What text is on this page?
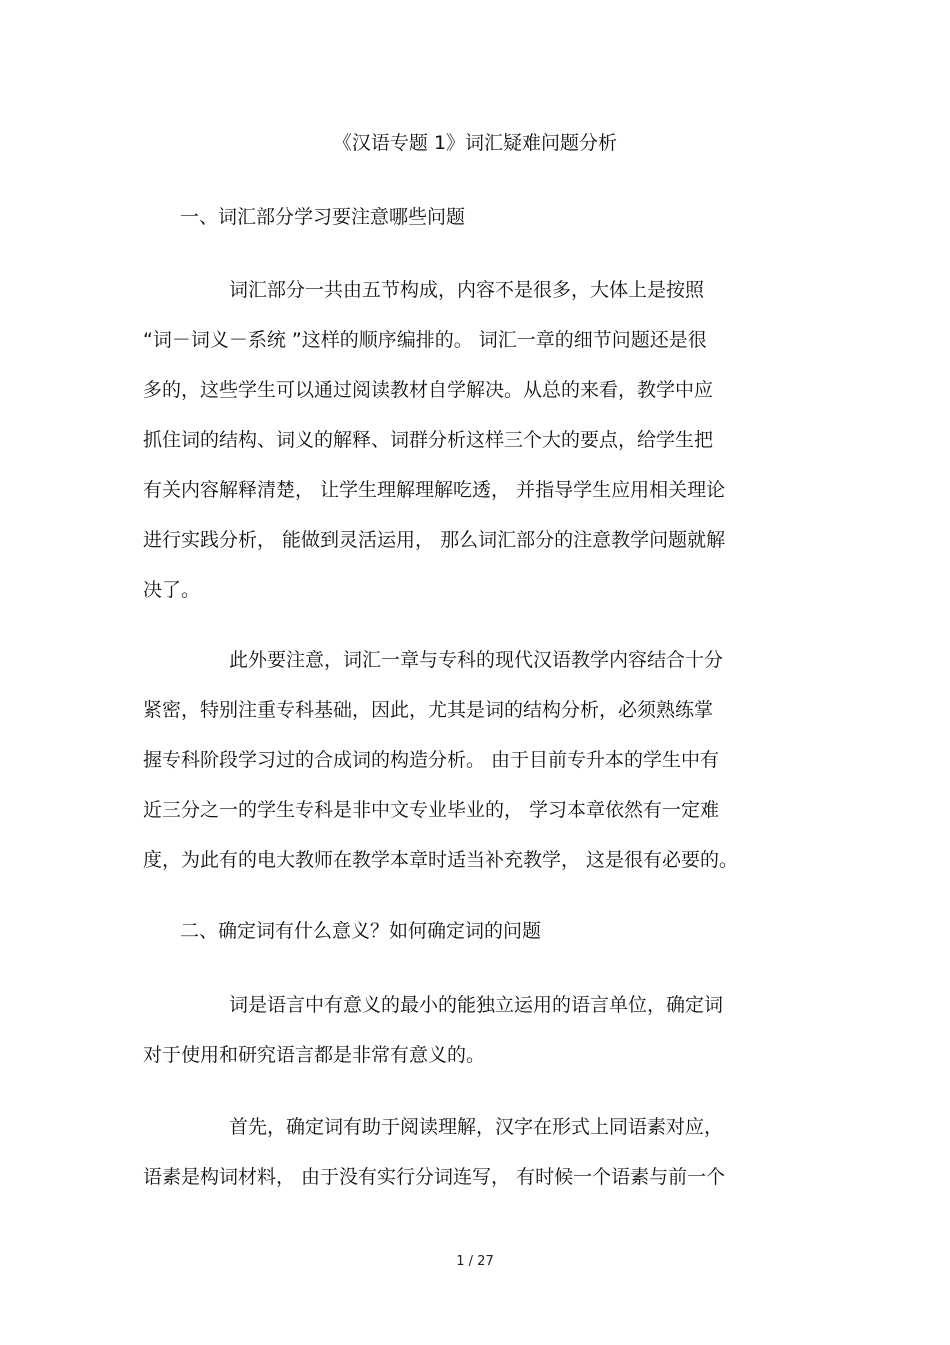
《汉语专题 1》词汇疑难问题分析
一、词汇部分学习要注意哪些问题
词汇部分一共由五节构成，内容不是很多，大体上是按照
“词－词义－系统 ”这样的顺序编排的。 词汇一章的细节问题还是很
多的，这些学生可以通过阅读教材自学解决。从总的来看，教学中应
抓住词的结构、词义的解释、词群分析这样三个大的要点，给学生把
有关内容解释清楚， 让学生理解理解吃透， 并指导学生应用相关理论
进行实践分析， 能做到灵活运用， 那么词汇部分的注意教学问题就解
决了。
此外要注意，词汇一章与专科的现代汉语教学内容结合十分
紧密，特别注重专科基础，因此，尤其是词的结构分析，必须熟练掌
握专科阶段学习过的合成词的构造分析。 由于目前专升本的学生中有
近三分之一的学生专科是非中文专业毕业的， 学习本章依然有一定难
度，为此有的电大教师在教学本章时适当补充教学， 这是很有必要的。
二、确定词有什么意义？如何确定词的问题
词是语言中有意义的最小的能独立运用的语言单位，确定词
对于使用和研究语言都是非常有意义的。
首先，确定词有助于阅读理解，汉字在形式上同语素对应，
语素是构词材料， 由于没有实行分词连写， 有时候一个语素与前一个
1 / 27
